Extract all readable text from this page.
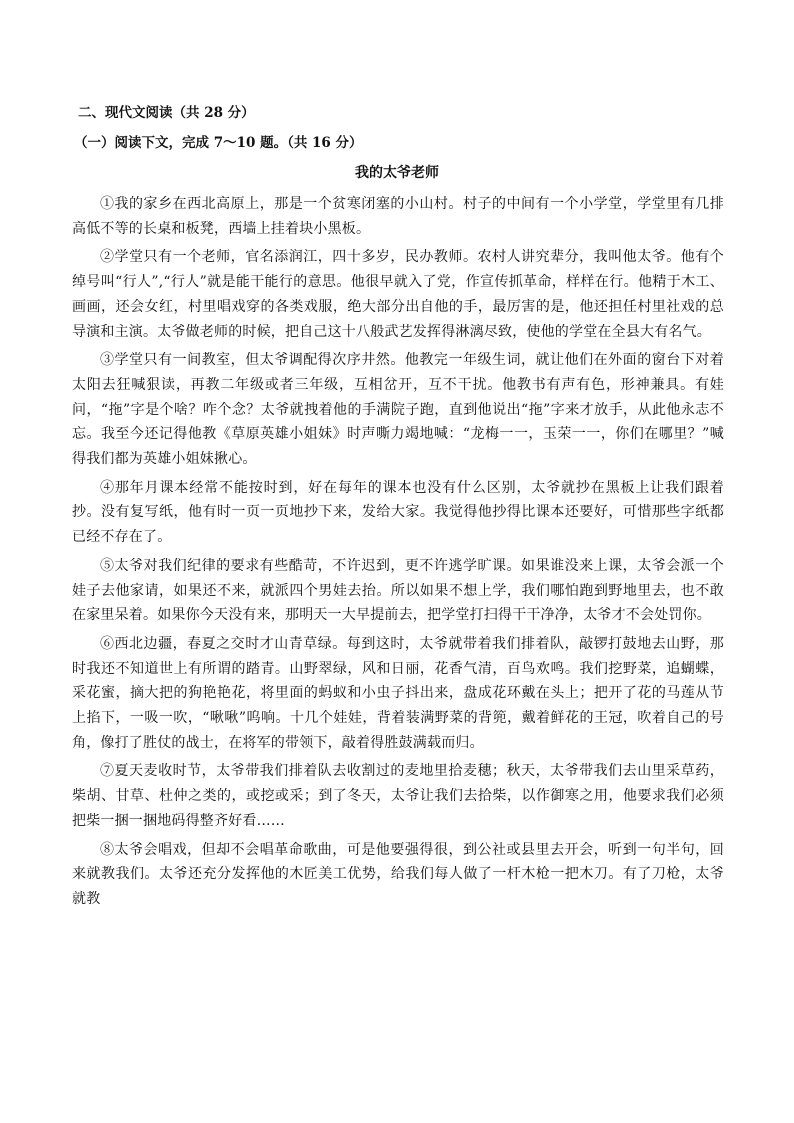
二、现代文阅读（共 28 分）
（一）阅读下文，完成 7～10 题。（共 16 分）
我的太爷老师

①我的家乡在西北高原上，那是一个贫寒闭塞的小山村。村子的中间有一个小学堂，学堂里有几排高低不等的长桌和板凳，西墙上挂着块小黑板。

②学堂只有一个老师，官名添润江，四十多岁，民办教师。农村人讲究辈分，我叫他太爷。他有个绰号叫“行人”,“行人”就是能干能行的意思。他很早就入了党，作宣传抓革命，样样在行。他精于木工、画画，还会女红，村里唱戏穿的各类戏服，绝大部分出自他的手，最厉害的是，他还担任村里社戏的总导演和主演。太爷做老师的时候，把自己这十八般武艺发挥得淋漓尽致，使他的学堂在全县大有名气。

③学堂只有一间教室，但太爷调配得次序井然。他教完一年级生词，就让他们在外面的窗台下对着太阳去狂喊狠读，再教二年级或者三年级，互相岔开，互不干扰。他教书有声有色，形神兼具。有娃问，“拖”字是个啥？咋个念？太爷就拽着他的手满院子跑，直到他说出“拖”字来才放手，从此他永志不忘。我至今还记得他教《草原英雄小姐妹》时声嘶力竭地喊：“龙梅一一，玉荣一一，你们在哪里？”喊得我们都为英雄小姐妹揪心。

④那年月课本经常不能按时到，好在每年的课本也没有什么区别，太爷就抄在黑板上让我们跟着抄。没有复写纸，他有时一页一页地抄下来，发给大家。我觉得他抄得比课本还要好，可惜那些字纸都已经不存在了。

⑤太爷对我们纪律的要求有些酷苛，不许迟到，更不许逃学旷课。如果谁没来上课，太爷会派一个娃子去他家请，如果还不来，就派四个男娃去抬。所以如果不想上学，我们哪怕跑到野地里去，也不敢在家里呆着。如果你今天没有来，那明天一大早提前去，把学堂打扫得干干净净，太爷才不会处罚你。

⑥西北边疆，春夏之交时才山青草绿。每到这时，太爷就带着我们排着队，敲锣打鼓地去山野，那时我还不知道世上有所谓的踏青。山野翠绿，风和日丽，花香气清，百鸟欢鸣。我们挖野菜，追蝴蝶，采花蜜，摘大把的狗艳艳花，将里面的蚂蚁和小虫子抖出来，盘成花环戴在头上；把开了花的马莲从节上掐下，一吸一吹，“啾啾”呜响。十几个娃娃，背着装满野菜的背篼，戴着鲜花的王冠，吹着自己的号角，像打了胜仗的战士，在将军的带领下，敲着得胜鼓满载而归。

⑦夏天麦收时节，太爷带我们排着队去收割过的麦地里拾麦穗；秋天，太爷带我们去山里采草药，柴胡、甘草、杜仲之类的，或挖或采；到了冬天，太爷让我们去拾柴，以作御寒之用，他要求我们必须把柴一捆一捆地码得整齐好看……

⑧太爷会唱戏，但却不会唱革命歌曲，可是他要强得很，到公社或县里去开会，听到一句半句，回来就教我们。太爷还充分发挥他的木匠美工优势，给我们每人做了一杆木枪一把木刀。有了刀枪，太爷就教
